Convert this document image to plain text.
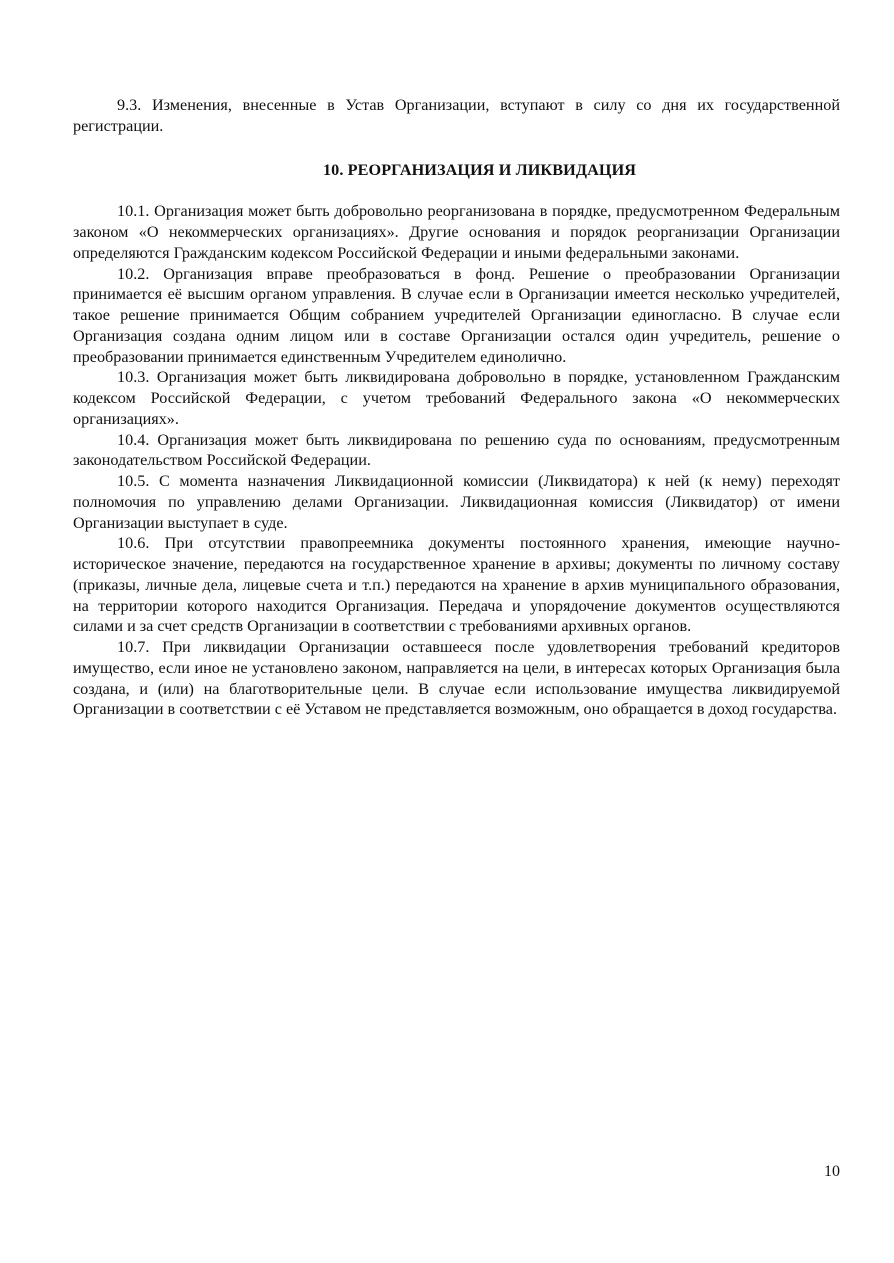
9.3. Изменения, внесенные в Устав Организации, вступают в силу со дня их государственной регистрации.

10. РЕОРГАНИЗАЦИЯ И ЛИКВИДАЦИЯ

10.1. Организация может быть добровольно реорганизована в порядке, предусмотренном Федеральным законом «О некоммерческих организациях». Другие основания и порядок реорганизации Организации определяются Гражданским кодексом Российской Федерации и иными федеральными законами.

10.2. Организация вправе преобразоваться в фонд. Решение о преобразовании Организации принимается её высшим органом управления. В случае если в Организации имеется несколько учредителей, такое решение принимается Общим собранием учредителей Организации единогласно. В случае если Организация создана одним лицом или в составе Организации остался один учредитель, решение о преобразовании принимается единственным Учредителем единолично.

10.3. Организация может быть ликвидирована добровольно в порядке, установленном Гражданским кодексом Российской Федерации, с учетом требований Федерального закона «О некоммерческих организациях».

10.4. Организация может быть ликвидирована по решению суда по основаниям, предусмотренным законодательством Российской Федерации.

10.5. С момента назначения Ликвидационной комиссии (Ликвидатора) к ней (к нему) переходят полномочия по управлению делами Организации. Ликвидационная комиссия (Ликвидатор) от имени Организации выступает в суде.

10.6. При отсутствии правопреемника документы постоянного хранения, имеющие научно-историческое значение, передаются на государственное хранение в архивы; документы по личному составу (приказы, личные дела, лицевые счета и т.п.) передаются на хранение в архив муниципального образования, на территории которого находится Организация. Передача и упорядочение документов осуществляются силами и за счет средств Организации в соответствии с требованиями архивных органов.

10.7. При ликвидации Организации оставшееся после удовлетворения требований кредиторов имущество, если иное не установлено законом, направляется на цели, в интересах которых Организация была создана, и (или) на благотворительные цели. В случае если использование имущества ликвидируемой Организации в соответствии с её Уставом не представляется возможным, оно обращается в доход государства.

10
